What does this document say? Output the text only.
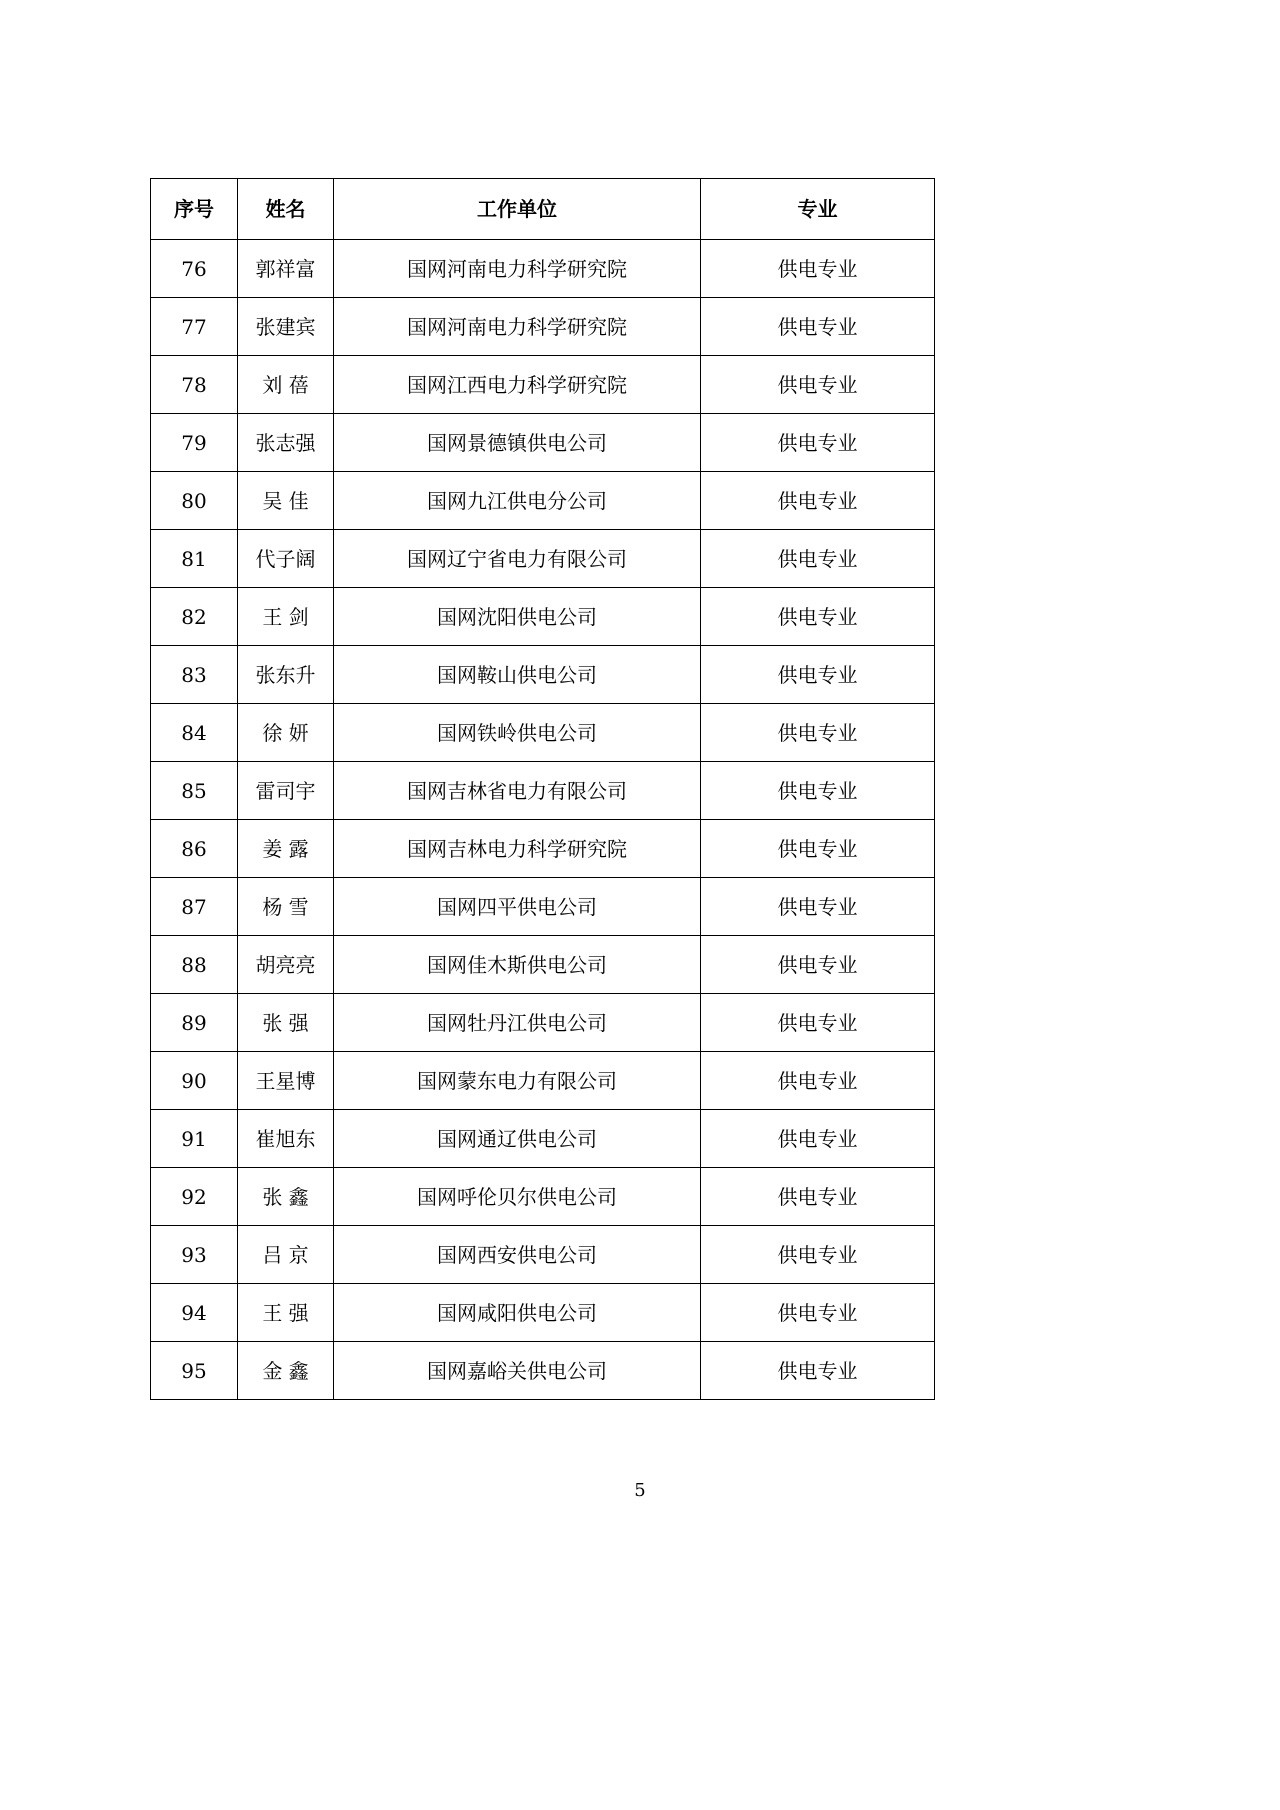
序号	姓名	工作单位	专业
76	郭祥富	国网河南电力科学研究院	供电专业
77	张建宾	国网河南电力科学研究院	供电专业
78	刘 蓓	国网江西电力科学研究院	供电专业
79	张志强	国网景德镇供电公司	供电专业
80	吴 佳	国网九江供电分公司	供电专业
81	代子阔	国网辽宁省电力有限公司	供电专业
82	王 剑	国网沈阳供电公司	供电专业
83	张东升	国网鞍山供电公司	供电专业
84	徐 妍	国网铁岭供电公司	供电专业
85	雷司宇	国网吉林省电力有限公司	供电专业
86	姜 露	国网吉林电力科学研究院	供电专业
87	杨 雪	国网四平供电公司	供电专业
88	胡亮亮	国网佳木斯供电公司	供电专业
89	张 强	国网牡丹江供电公司	供电专业
90	王星博	国网蒙东电力有限公司	供电专业
91	崔旭东	国网通辽供电公司	供电专业
92	张 鑫	国网呼伦贝尔供电公司	供电专业
93	吕 京	国网西安供电公司	供电专业
94	王 强	国网咸阳供电公司	供电专业
95	金 鑫	国网嘉峪关供电公司	供电专业
5
